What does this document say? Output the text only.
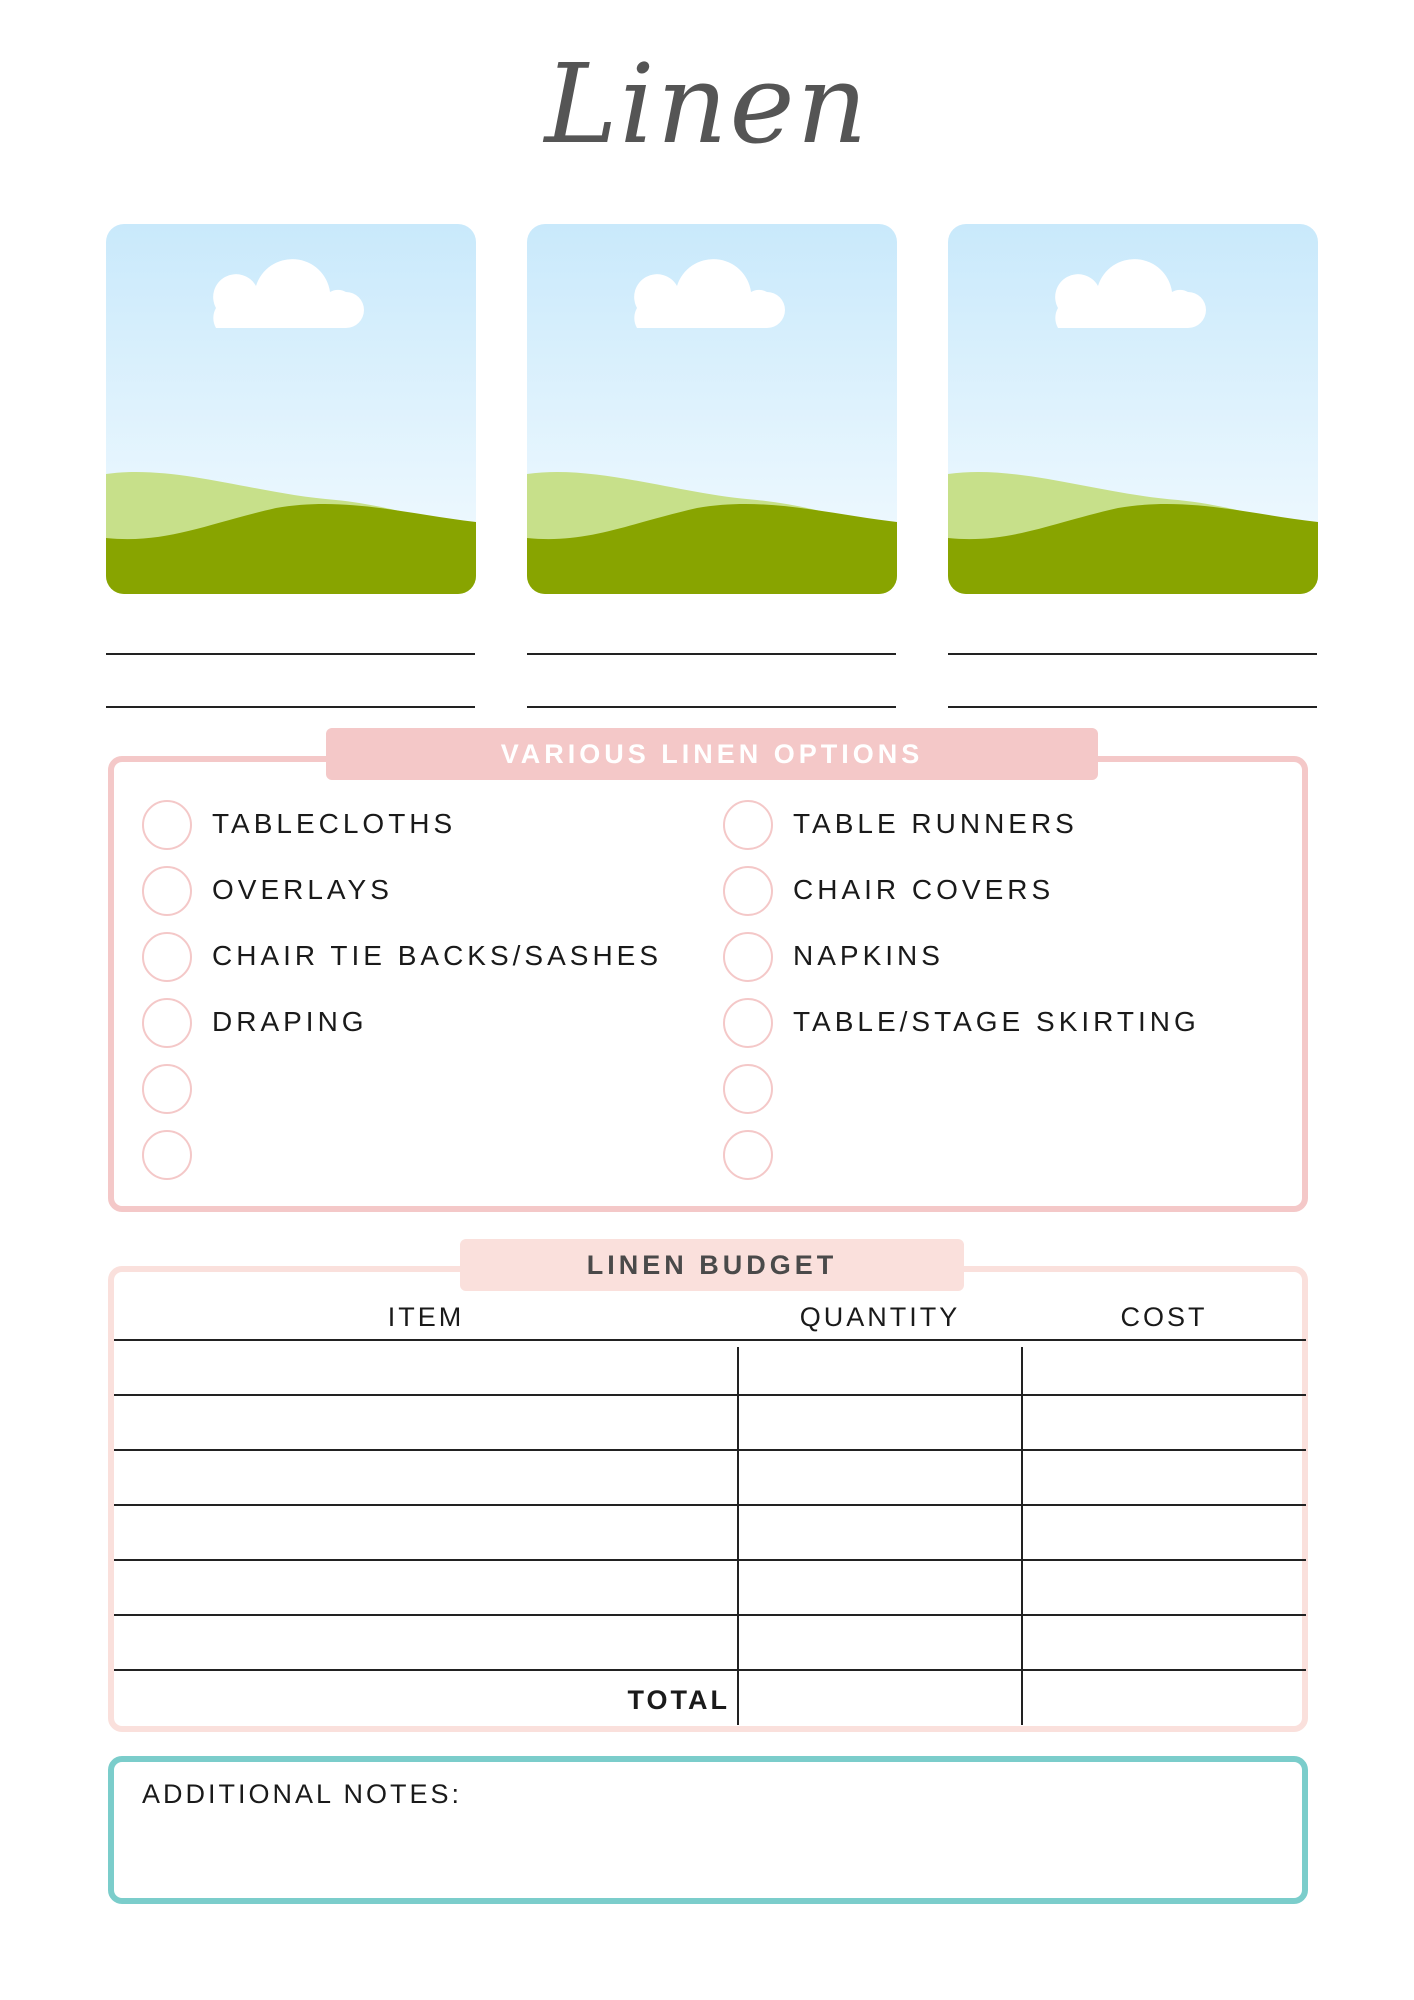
Linen
VARIOUS LINEN OPTIONS
TABLECLOTHS
OVERLAYS
CHAIR TIE BACKS/SASHES
DRAPING
TABLE RUNNERS
CHAIR COVERS
NAPKINS
TABLE/STAGE SKIRTING
LINEN BUDGET
ITEM	QUANTITY	COST
TOTAL
ADDITIONAL NOTES:
